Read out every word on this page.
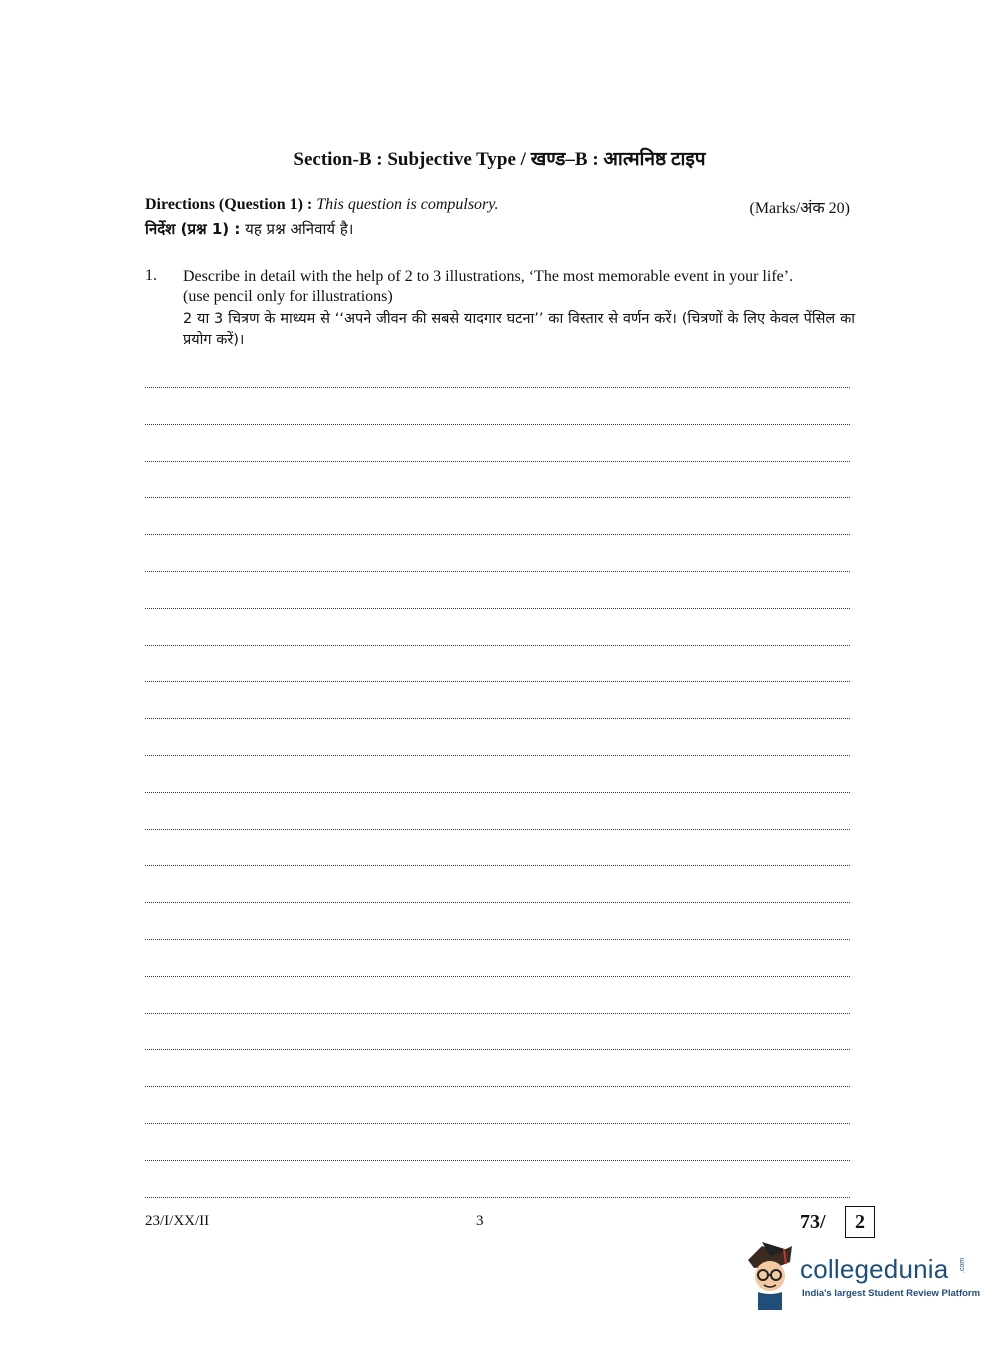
Section-B : Subjective Type / खण्ड–B : आत्मनिष्ठ टाइप
Directions (Question 1) : This question is compulsory.	(Marks/अंक 20)
निर्देश (प्रश्न 1) : यह प्रश्न अनिवार्य है।
1. Describe in detail with the help of 2 to 3 illustrations, ‘The most memorable event in your life’.
(use pencil only for illustrations)
2 या 3 चित्रण के माध्यम से ‘‘अपने जीवन की सबसे यादगार घटना’’ का विस्तार से वर्णन करें। (चित्रणों के लिए केवल पेंसिल का प्रयोग करें)।
23/I/XX/II	3	73/	2
collegedunia .com
India's largest Student Review Platform
